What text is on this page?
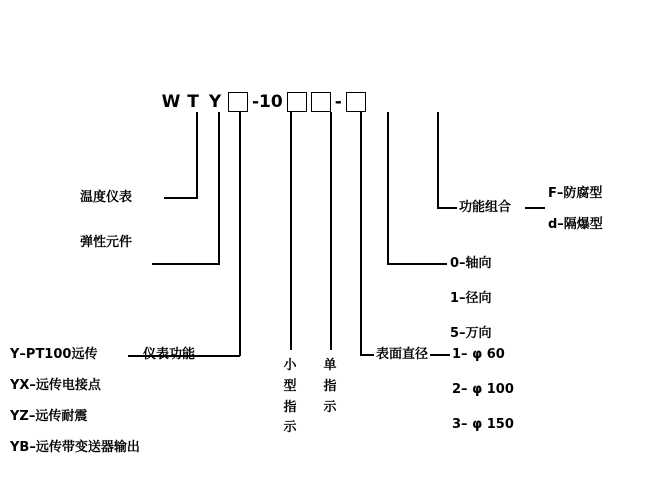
W T Y -10	-
温度仪表
弹性元件
Y–PT100远传
YX–远传电接点
YZ–远传耐震
YB–远传带变送器输出
仪表功能
小
型
指
示
单
指
示
表面直径 1– φ 60
2– φ 100
3– φ 150
0–轴向
1–径向
5–万向
功能组合
F–防腐型
d–隔爆型
